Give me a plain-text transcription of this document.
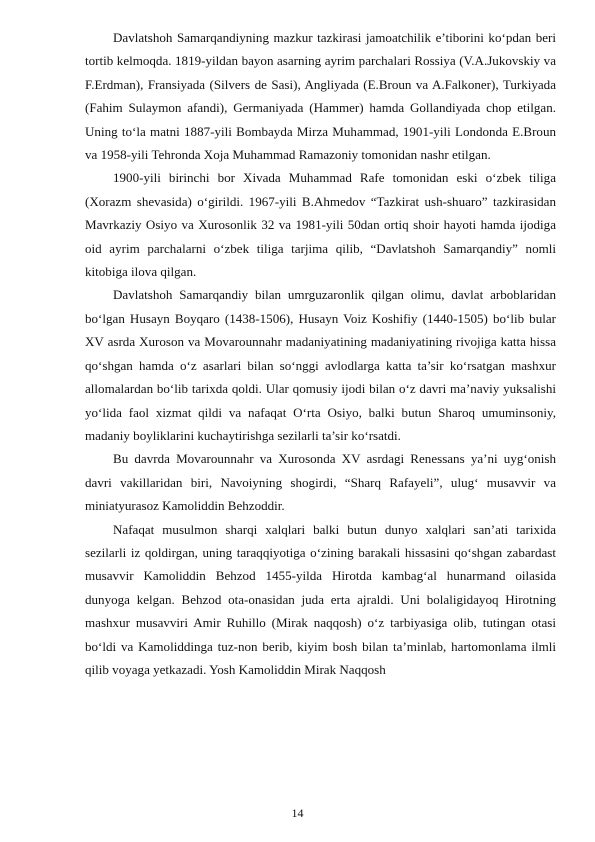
Davlatshoh Samarqandiyning mazkur tazkirasi jamoatchilik e’tiborini ko‘pdan beri tortib kelmoqda. 1819-yildan bayon asarning ayrim parchalari Rossiya (V.A.Jukovskiy va F.Erdman), Fransiyada (Silvers de Sasi), Angliyada (E.Broun va A.Falkoner), Turkiyada (Fahim Sulaymon afandi), Germaniyada (Hammer) hamda Gollandiyada chop etilgan. Uning to‘la matni 1887-yili Bombayda Mirza Muhammad, 1901-yili Londonda E.Broun va 1958-yili Tehronda Xoja Muhammad Ramazoniy tomonidan nashr etilgan.

1900-yili birinchi bor Xivada Muhammad Rafe tomonidan eski o‘zbek tiliga (Xorazm shevasida) o‘girildi. 1967-yili B.Ahmedov “Tazkirat ush-shuaro” tazkirasidan Mavrkaziy Osiyo va Xurosonlik 32 va 1981-yili 50dan ortiq shoir hayoti hamda ijodiga oid ayrim parchalarni o‘zbek tiliga tarjima qilib, “Davlatshoh Samarqandiy” nomli kitobiga ilova qilgan.

Davlatshoh Samarqandiy bilan umrguzaronlik qilgan olimu, davlat arboblaridan bo‘lgan Husayn Boyqaro (1438-1506), Husayn Voiz Koshifiy (1440-1505) bo‘lib bular XV asrda Xuroson va Movarounnahr madaniyatining madaniyatining rivojiga katta hissa qo‘shgan hamda o‘z asarlari bilan so‘nggi avlodlarga katta ta’sir ko‘rsatgan mashxur allomalardan bo‘lib tarixda qoldi. Ular qomusiy ijodi bilan o‘z davri ma’naviy yuksalishi yo‘lida faol xizmat qildi va nafaqat O‘rta Osiyo, balki butun Sharoq umuminsoniy, madaniy boyliklarini kuchaytirishga sezilarli ta’sir ko‘rsatdi.

Bu davrda Movarounnahr va Xurosonda XV asrdagi Renessans ya’ni uyg‘onish davri vakillaridan biri, Navoiyning shogirdi, “Sharq Rafayeli”, ulug‘ musavvir va miniatyurasoz Kamoliddin Behzoddir.

Nafaqat musulmon sharqi xalqlari balki butun dunyo xalqlari san’ati tarixida sezilarli iz qoldirgan, uning taraqqiyotiga o‘zining barakali hissasini qo‘shgan zabardast musavvir Kamoliddin Behzod 1455-yilda Hirotda kambag‘al hunarmand oilasida dunyoga kelgan. Behzod ota-onasidan juda erta ajraldi. Uni bolaligidayoq Hirotning mashxur musavviri Amir Ruhillo (Mirak naqqosh) o‘z tarbiyasiga olib, tutingan otasi bo‘ldi va Kamoliddinga tuz-non berib, kiyim bosh bilan ta’minlab, hartomonlama ilmli qilib voyaga yetkazadi. Yosh Kamoliddin Mirak Naqqosh

14
